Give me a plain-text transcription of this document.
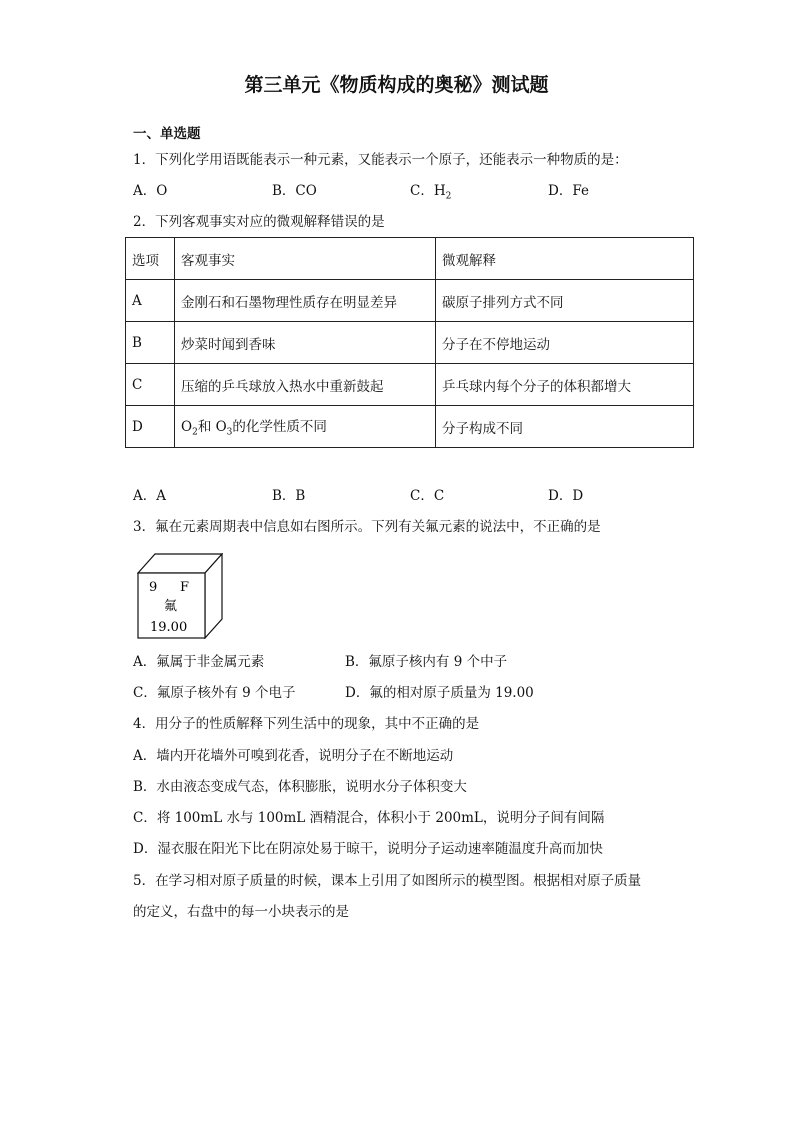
第三单元《物质构成的奥秘》测试题
一、单选题
1．下列化学用语既能表示一种元素，又能表示一个原子，还能表示一种物质的是：
A．O	B．CO	C．$H_2$	D．Fe
2．下列客观事实对应的微观解释错误的是
选项	客观事实	微观解释
A	金刚石和石墨物理性质存在明显差异	碳原子排列方式不同
B	炒菜时闻到香味	分子在不停地运动
C	压缩的乒乓球放入热水中重新鼓起	乒乓球内每个分子的体积都增大
D	$O_2$和 $O_3$的化学性质不同	分子构成不同
A．A	B．B	C．C	D．D
3．氟在元素周期表中信息如右图所示。下列有关氟元素的说法中，不正确的是
9 F
氟
19.00
A．氟属于非金属元素	B．氟原子核内有 9 个中子
C．氟原子核外有 9 个电子	D．氟的相对原子质量为 19.00
4．用分子的性质解释下列生活中的现象，其中不正确的是
A．墙内开花墙外可嗅到花香，说明分子在不断地运动
B．水由液态变成气态，体积膨胀，说明水分子体积变大
C．将 100mL 水与 100mL 酒精混合，体积小于 200mL，说明分子间有间隔
D．湿衣服在阳光下比在阴凉处易于晾干，说明分子运动速率随温度升高而加快
5．在学习相对原子质量的时候，课本上引用了如图所示的模型图。根据相对原子质量
的定义，右盘中的每一小块表示的是
